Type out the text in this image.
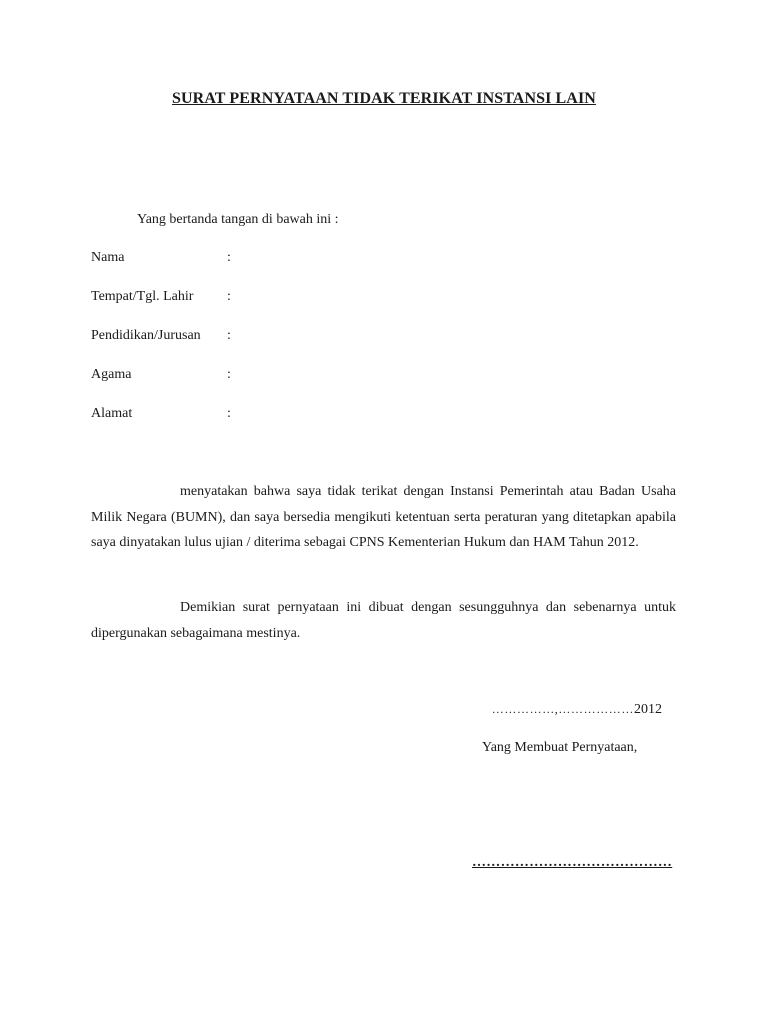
SURAT PERNYATAAN TIDAK TERIKAT INSTANSI LAIN
Yang bertanda tangan di bawah ini :
Nama	:
Tempat/Tgl. Lahir :
Pendidikan/Jurusan :
Agama	:
Alamat	:

menyatakan bahwa saya tidak terikat dengan Instansi Pemerintah atau Badan Usaha Milik Negara (BUMN), dan saya bersedia mengikuti ketentuan serta peraturan yang ditetapkan apabila saya dinyatakan lulus ujian / diterima sebagai CPNS Kementerian Hukum dan HAM Tahun 2012.

Demikian surat pernyataan ini dibuat dengan sesungguhnya dan sebenarnya untuk dipergunakan sebagaimana mestinya.

……………,………………2012
Yang Membuat Pernyataan,
……………………………………
